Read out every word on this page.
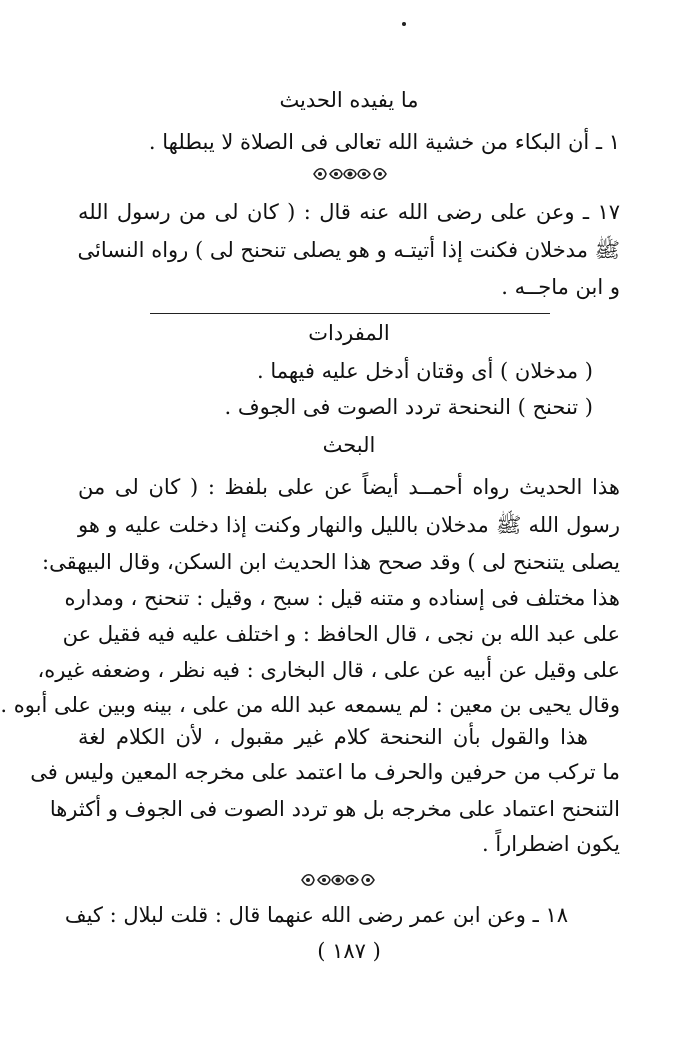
ما يفيده الحديث
١ ـ أن البكاء من خشية الله تعالى فى الصلاة لا يبطلها .
١٧ ـ وعن على رضى الله عنه قال : ( كان لى من رسول الله
ﷺ مدخلان فكنت إذا أتيتـه و هو يصلى تنحنح لى ) رواه النسائى
و ابن ماجــه .
المفردات
( مدخلان ) أى وقتان أدخل عليه فيهما .
( تنحنح ) النحنحة تردد الصوت فى الجوف .
البحث
هذا الحديث رواه أحمــد أيضاً عن على بلفظ : ( كان لى من
رسول الله ﷺ مدخلان بالليل والنهار وكنت إذا دخلت عليه و هو
يصلى يتنحنح لى ) وقد صحح هذا الحديث ابن السكن، وقال البيهقى:
هذا مختلف فى إسناده و متنه قيل : سبح ، وقيل : تنحنح ، ومداره
على عبد الله بن نجى ، قال الحافظ : و اختلف عليه فيه فقيل عن
على وقيل عن أبيه عن على ، قال البخارى : فيه نظر ، وضعفه غيره،
وقال يحيى بن معين : لم يسمعه عبد الله من على ، بينه وبين على أبوه .
هذا والقول بأن النحنحة كلام غير مقبول ، لأن الكلام لغة
ما تركب من حرفين والحرف ما اعتمد على مخرجه المعين وليس فى
التنحنح اعتماد على مخرجه بل هو تردد الصوت فى الجوف و أكثرها
يكون اضطراراً .
١٨ ـ وعن ابن عمر رضى الله عنهما قال : قلت لبلال : كيف
( ١٨٧ )
